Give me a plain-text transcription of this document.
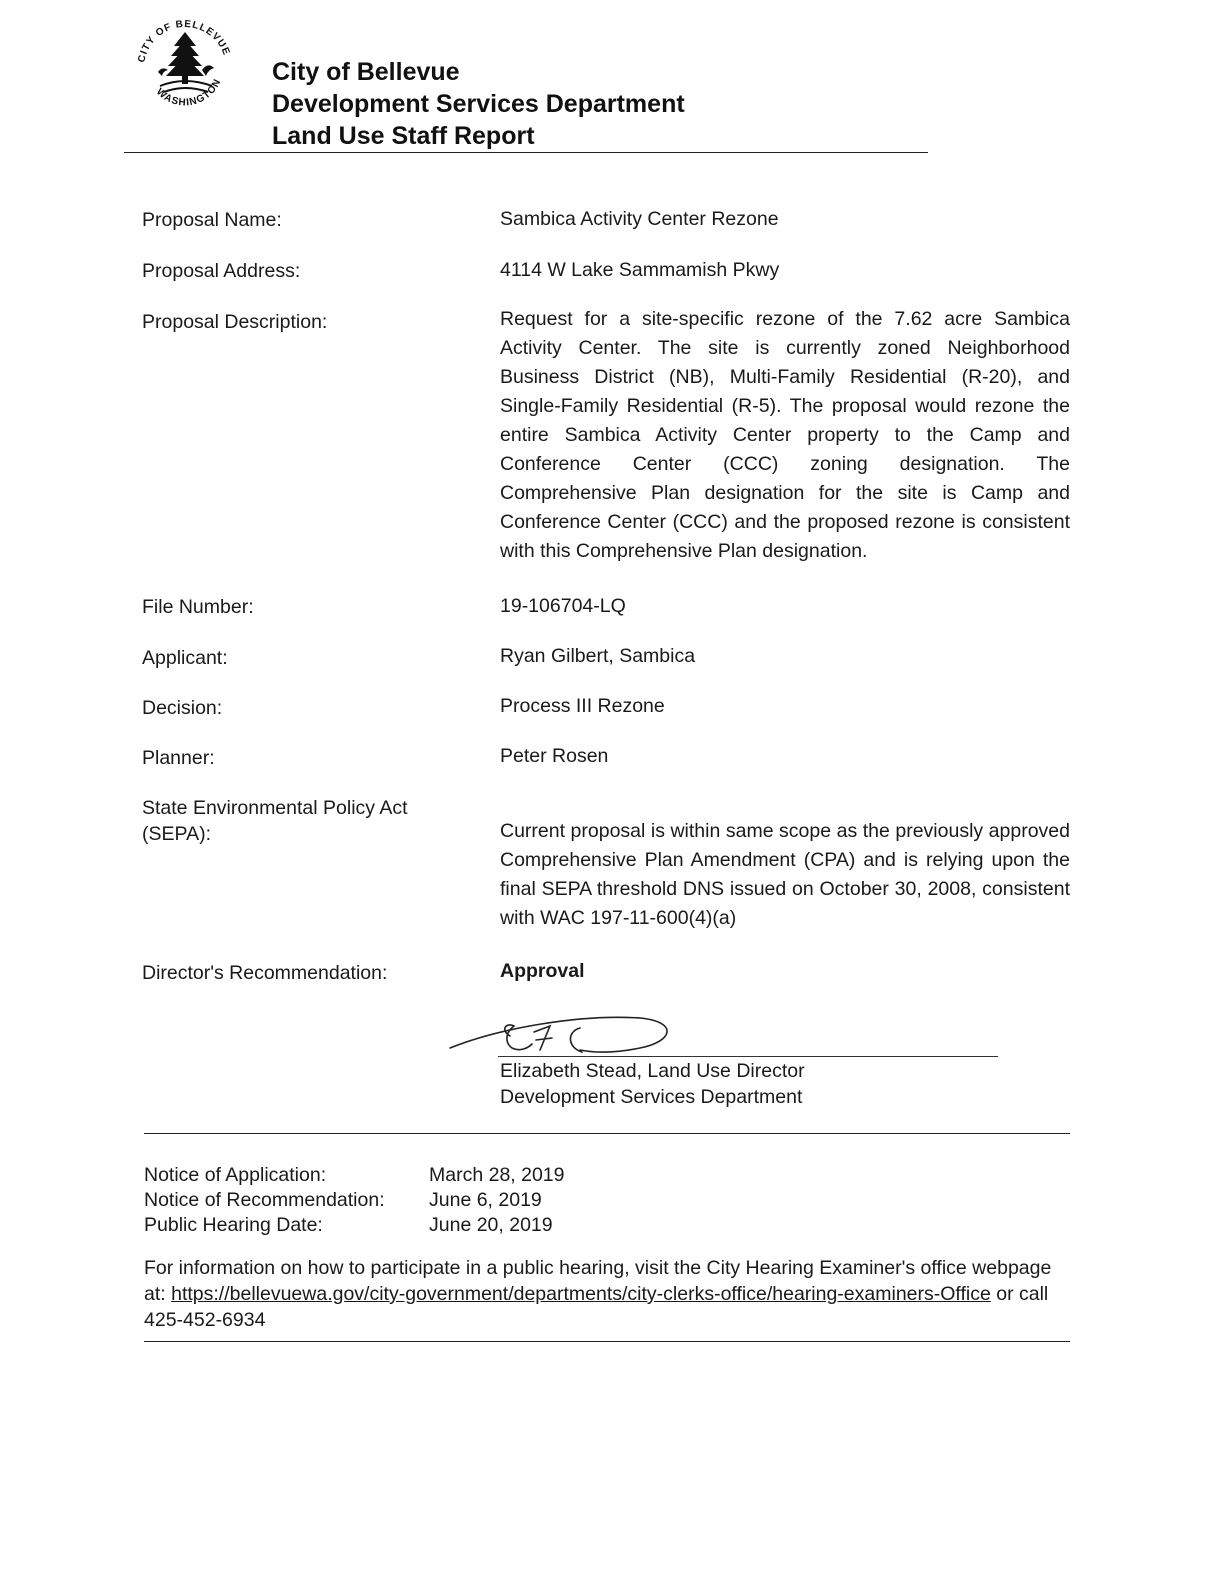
CITY OF BELLEVUE
WASHINGTON City of Bellevue
Development Services Department
Land Use Staff Report
Proposal Name:	Sambica Activity Center Rezone
Proposal Address:	4114 W Lake Sammamish Pkwy
Proposal Description:	Request for a site-specific rezone of the 7.62 acre Sambica Activity Center. The site is currently zoned Neighborhood Business District (NB), Multi-Family Residential (R-20), and Single-Family Residential (R-5). The proposal would rezone the entire Sambica Activity Center property to the Camp and Conference Center (CCC) zoning designation. The Comprehensive Plan designation for the site is Camp and Conference Center (CCC) and the proposed rezone is consistent with this Comprehensive Plan designation.
File Number:	19-106704-LQ
Applicant:	Ryan Gilbert, Sambica
Decision:	Process III Rezone
Planner:	Peter Rosen
State Environmental Policy Act
(SEPA):	Current proposal is within same scope as the previously approved Comprehensive Plan Amendment (CPA) and is relying upon the final SEPA threshold DNS issued on October 30, 2008, consistent with WAC 197-11-600(4)(a)
Director's Recommendation:	Approval
Elizabeth Stead, Land Use Director
Development Services Department
Notice of Application:	March 28, 2019
Notice of Recommendation: June 6, 2019
Public Hearing Date:	June 20, 2019
For information on how to participate in a public hearing, visit the City Hearing Examiner's office webpage at: https://bellevuewa.gov/city-government/departments/city-clerks-office/hearing-examiners-Office or call 425-452-6934
